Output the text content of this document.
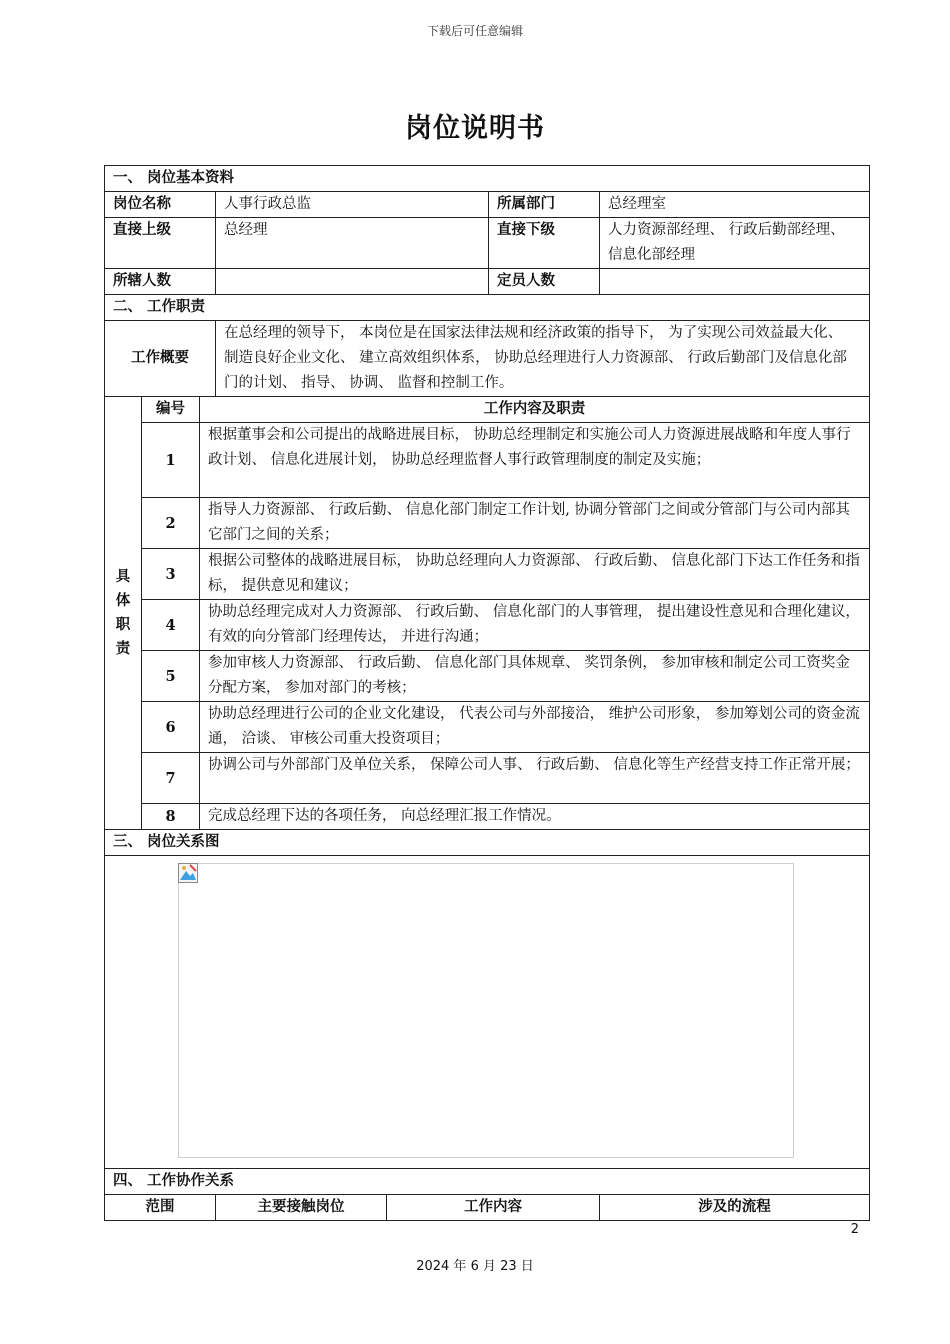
下载后可任意编辑
岗位说明书
一、 岗位基本资料						
岗位名称			人事行政总监		所属部门	总经理室
直接上级			总经理		直接下级	人力资源部经理、 行政后勤部经理、 信息化部经理
所辖人数					定员人数	
二、 工作职责						
工作概要			在总经理的领导下， 本岗位是在国家法律法规和经济政策的指导下， 为了实现公司效益最大化、 制造良好企业文化、 建立高效组织体系， 协助总经理进行人力资源部、 行政后勤部门及信息化部门的计划、 指导、 协调、 监督和控制工作。			

具
体
职
责	编号	工作内容及职责				
	1	根据董事会和公司提出的战略进展目标， 协助总经理制定和实施公司人力资源进展战略和年度人事行政计划、 信息化进展计划， 协助总经理监督人事行政管理制度的制定及实施；				
	2	指导人力资源部、 行政后勤、 信息化部门制定工作计划, 协调分管部门之间或分管部门与公司内部其它部门之间的关系；				
	3	根据公司整体的战略进展目标， 协助总经理向人力资源部、 行政后勤、 信息化部门下达工作任务和指标， 提供意见和建议；				
	4	协助总经理完成对人力资源部、 行政后勤、 信息化部门的人事管理， 提出建设性意见和合理化建议， 有效的向分管部门经理传达， 并进行沟通；				
	5	参加审核人力资源部、 行政后勤、 信息化部门具体规章、 奖罚条例， 参加审核和制定公司工资奖金分配方案， 参加对部门的考核；				
	6	协助总经理进行公司的企业文化建设， 代表公司与外部接洽， 维护公司形象， 参加筹划公司的资金流通， 洽谈、 审核公司重大投资项目；				
	7	协调公司与外部部门及单位关系， 保障公司人事、 行政后勤、 信息化等生产经营支持工作正常开展；				
	8	完成总经理下达的各项任务， 向总经理汇报工作情况。				
三、 岗位关系图						

四、 工作协作关系						
范围			主要接触岗位	工作内容		涉及的流程
2
2024 年 6 月 23 日
